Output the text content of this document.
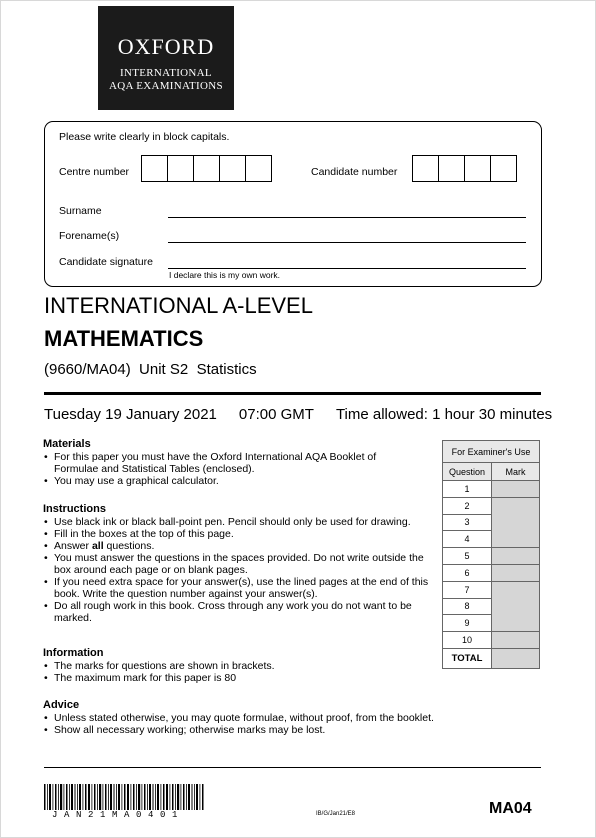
OXFORD
INTERNATIONAL
AQA EXAMINATIONS
Please write clearly in block capitals.
Centre number	Candidate number
Surname
Forename(s)
Candidate signature
I declare this is my own work.
INTERNATIONAL A-LEVEL
MATHEMATICS
(9660/MA04)  Unit S2  Statistics
Tuesday 19 January 2021 07:00 GMT Time allowed: 1 hour 30 minutes
Materials
• For this paper you must have the Oxford International AQA Booklet of Formulae and Statistical Tables (enclosed).
• You may use a graphical calculator.
Instructions
• Use black ink or black ball-point pen. Pencil should only be used for drawing.
• Fill in the boxes at the top of this page.
• Answer all questions.
• You must answer the questions in the spaces provided. Do not write outside the box around each page or on blank pages.
• If you need extra space for your answer(s), use the lined pages at the end of this book. Write the question number against your answer(s).
• Do all rough work in this book. Cross through any work you do not want to be marked.
Information
• The marks for questions are shown in brackets.
• The maximum mark for this paper is 80
Advice
• Unless stated otherwise, you may quote formulae, without proof, from the booklet.
• Show all necessary working; otherwise marks may be lost.
For Examiner's Use	
Question	Mark
1	
2	
3	
4	
5	
6	
7	
8	
9	
10	
TOTAL	
JAN21MA0401	IB/G/Jan21/E8	MA04
